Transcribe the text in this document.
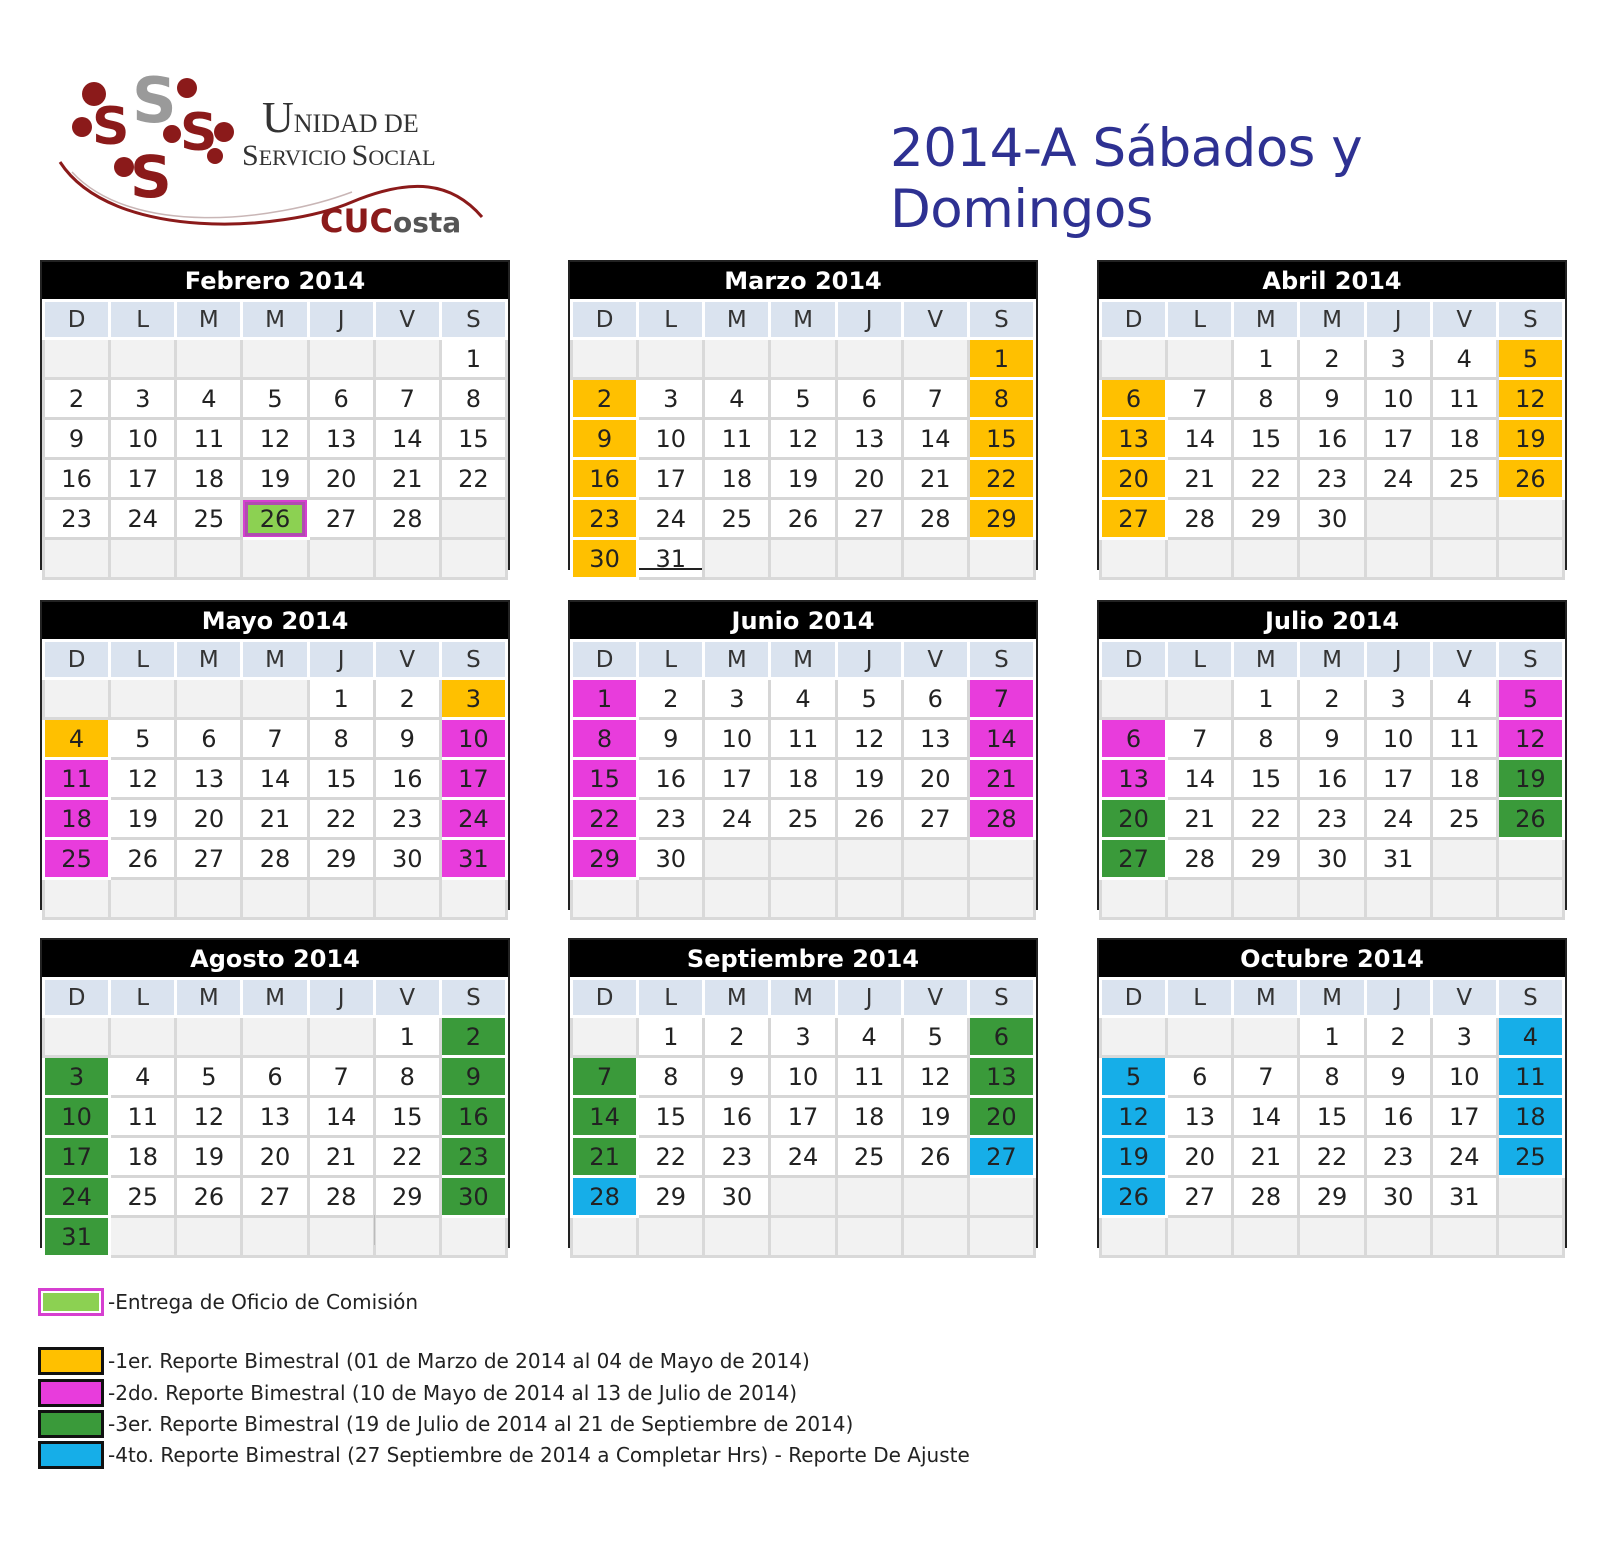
S
S S
S
UNIDAD DE
SERVICIO SOCIAL
CUCosta
2014-A Sábados y Domingos
Febrero 2014
D	L	M	M	J	V	S
						1
2	3	4	5	6	7	8
9	10	11	12	13	14	15
16	17	18	19	20	21	22
23	24	25	26	27	28	

Marzo 2014
D	L	M	M	J	V	S
						1
2	3	4	5	6	7	8
9	10	11	12	13	14	15
16	17	18	19	20	21	22
23	24	25	26	27	28	29
30	31					
Abril 2014
D	L	M	M	J	V	S
		1	2	3	4	5
6	7	8	9	10	11	12
13	14	15	16	17	18	19
20	21	22	23	24	25	26
27	28	29	30			

Mayo 2014
D	L	M	M	J	V	S
				1	2	3
4	5	6	7	8	9	10
11	12	13	14	15	16	17
18	19	20	21	22	23	24
25	26	27	28	29	30	31

Junio 2014
D	L	M	M	J	V	S
1	2	3	4	5	6	7
8	9	10	11	12	13	14
15	16	17	18	19	20	21
22	23	24	25	26	27	28
29	30					

Julio 2014
D	L	M	M	J	V	S
		1	2	3	4	5
6	7	8	9	10	11	12
13	14	15	16	17	18	19
20	21	22	23	24	25	26
27	28	29	30	31		

Agosto 2014
D	L	M	M	J	V	S
					1	2
3	4	5	6	7	8	9
10	11	12	13	14	15	16
17	18	19	20	21	22	23
24	25	26	27	28	29	30
31						
Septiembre 2014
D	L	M	M	J	V	S
	1	2	3	4	5	6
7	8	9	10	11	12	13
14	15	16	17	18	19	20
21	22	23	24	25	26	27
28	29	30				

Octubre 2014
D	L	M	M	J	V	S
			1	2	3	4
5	6	7	8	9	10	11
12	13	14	15	16	17	18
19	20	21	22	23	24	25
26	27	28	29	30	31	

-Entrega de Oficio de Comisión
-1er. Reporte Bimestral (01 de Marzo de 2014 al 04 de Mayo de 2014)
-2do. Reporte Bimestral (10 de Mayo de 2014 al 13 de Julio de 2014)
-3er. Reporte Bimestral (19 de Julio de 2014 al 21 de Septiembre de 2014)
-4to. Reporte Bimestral (27 Septiembre de 2014 a Completar Hrs) - Reporte De Ajuste
